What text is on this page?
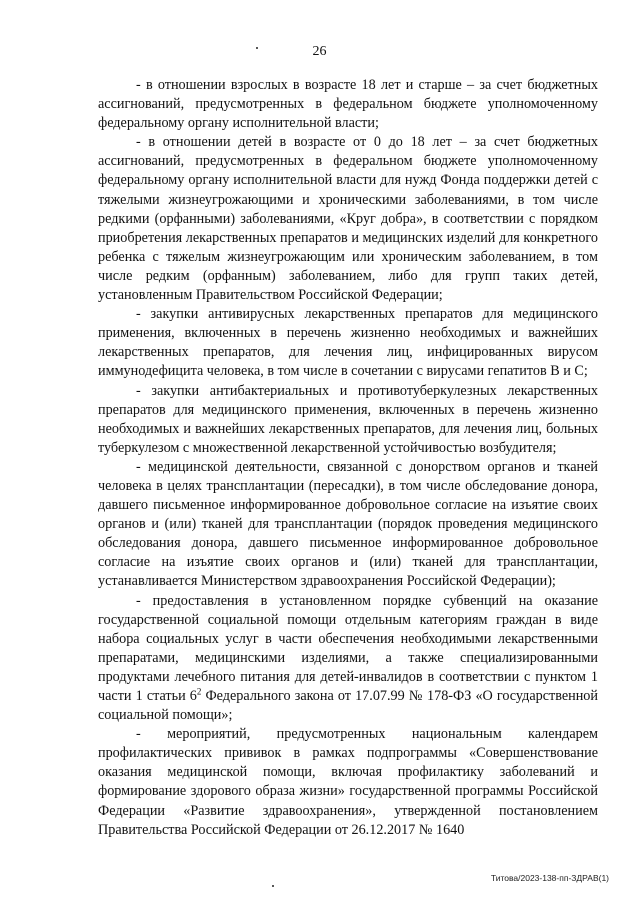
26

- в отношении взрослых в возрасте 18 лет и старше – за счет бюджетных ассигнований, предусмотренных в федеральном бюджете уполномоченному федеральному органу исполнительной власти;

- в отношении детей в возрасте от 0 до 18 лет – за счет бюджетных ассигнований, предусмотренных в федеральном бюджете уполномоченному федеральному органу исполнительной власти для нужд Фонда поддержки детей с тяжелыми жизнеугрожающими и хроническими заболеваниями, в том числе редкими (орфанными) заболеваниями, «Круг добра», в соответствии с порядком приобретения лекарственных препаратов и медицинских изделий для конкретного ребенка с тяжелым жизнеугрожающим или хроническим заболеванием, в том числе редким (орфанным) заболеванием, либо для групп таких детей, установленным Правительством Российской Федерации;

- закупки антивирусных лекарственных препаратов для медицинского применения, включенных в перечень жизненно необходимых и важнейших лекарственных препаратов, для лечения лиц, инфицированных вирусом иммунодефицита человека, в том числе в сочетании с вирусами гепатитов В и С;

- закупки антибактериальных и противотуберкулезных лекарственных препаратов для медицинского применения, включенных в перечень жизненно необходимых и важнейших лекарственных препаратов, для лечения лиц, больных туберкулезом с множественной лекарственной устойчивостью возбудителя;

- медицинской деятельности, связанной с донорством органов и тканей человека в целях трансплантации (пересадки), в том числе обследование донора, давшего письменное информированное добровольное согласие на изъятие своих органов и (или) тканей для трансплантации (порядок проведения медицинского обследования донора, давшего письменное информированное добровольное согласие на изъятие своих органов и (или) тканей для трансплантации, устанавливается Министерством здравоохранения Российской Федерации);

- предоставления в установленном порядке субвенций на оказание государственной социальной помощи отдельным категориям граждан в виде набора социальных услуг в части обеспечения необходимыми лекарственными препаратами, медицинскими изделиями, а также специализированными продуктами лечебного питания для детей-инвалидов в соответствии с пунктом 1 части 1 статьи $6^2$ Федерального закона от 17.07.99 № 178-ФЗ «О государственной социальной помощи»;

- мероприятий, предусмотренных национальным календарем профилактических прививок в рамках подпрограммы «Совершенствование оказания медицинской помощи, включая профилактику заболеваний и формирование здорового образа жизни» государственной программы Российской Федерации «Развитие здравоохранения», утвержденной постановлением Правительства Российской Федерации от 26.12.2017 № 1640

Титова/2023-138-пп-ЗДРАВ(1)
